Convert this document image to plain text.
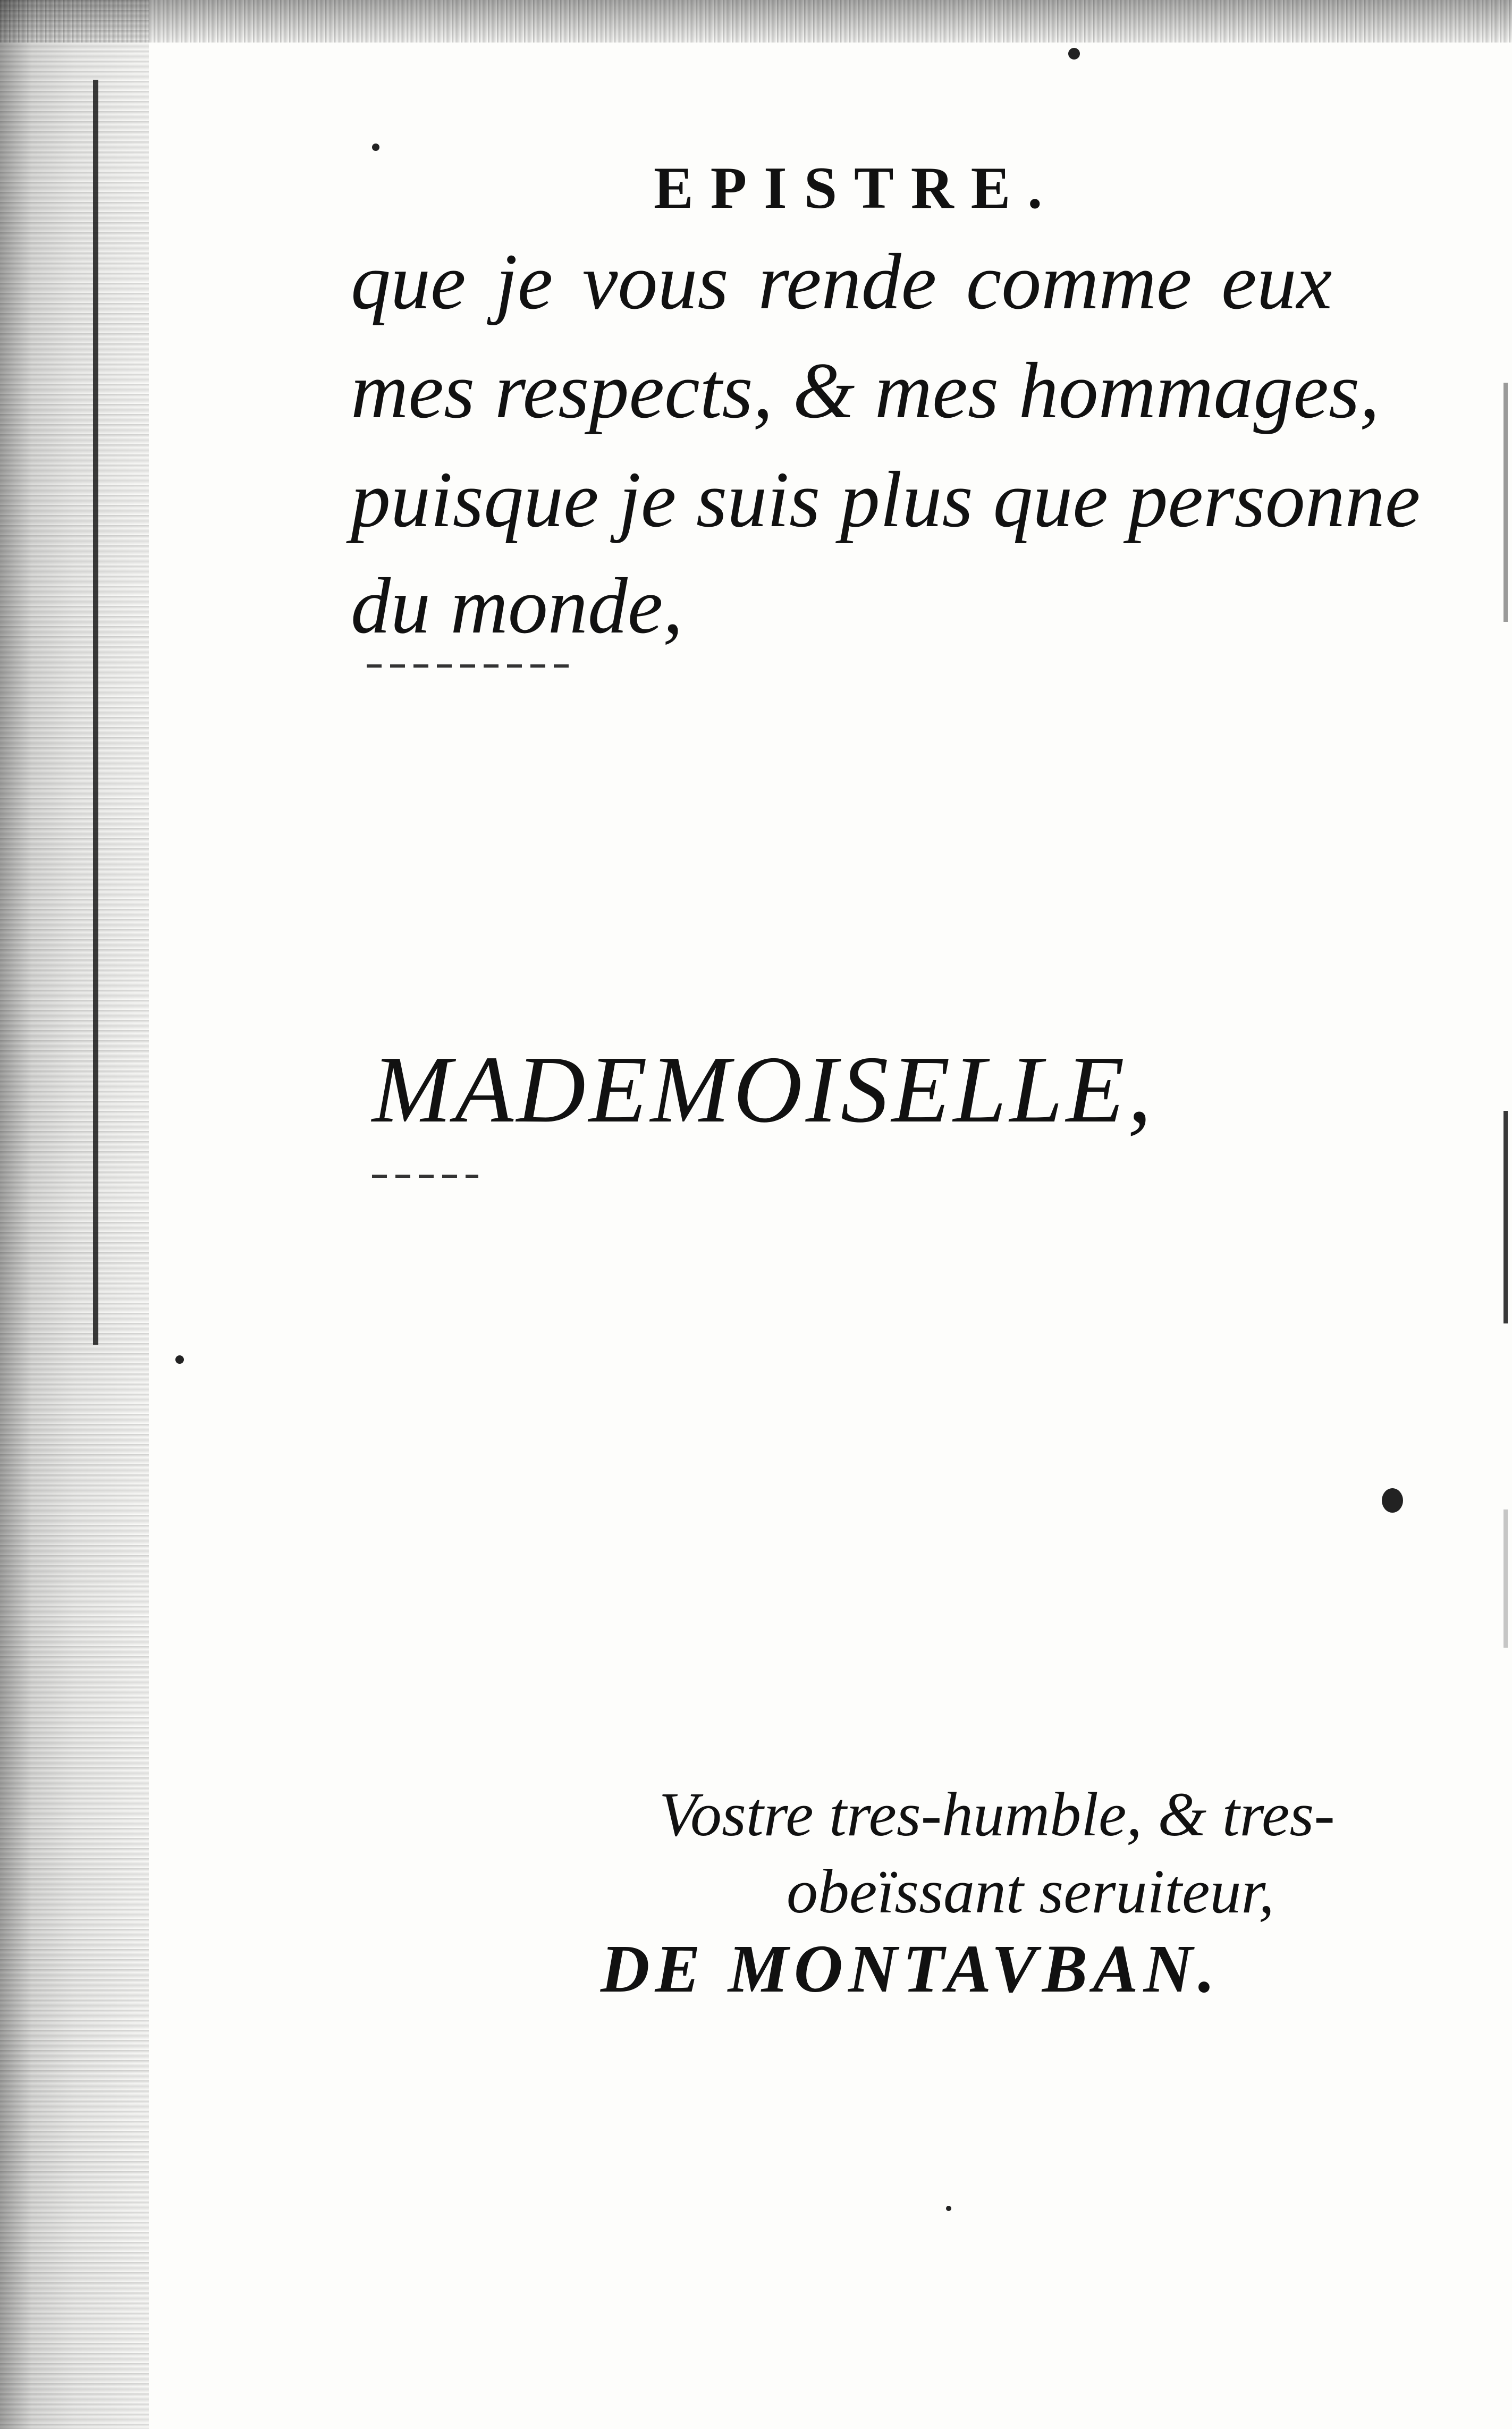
EPISTRE.
que je vous rende comme eux
mes respects, & mes hommages,
puisque je suis plus que personne
du monde,
MADEMOISELLE,
Vostre tres-humble, & tres-
obeïssant seruiteur,
DE MONTAVBAN.
